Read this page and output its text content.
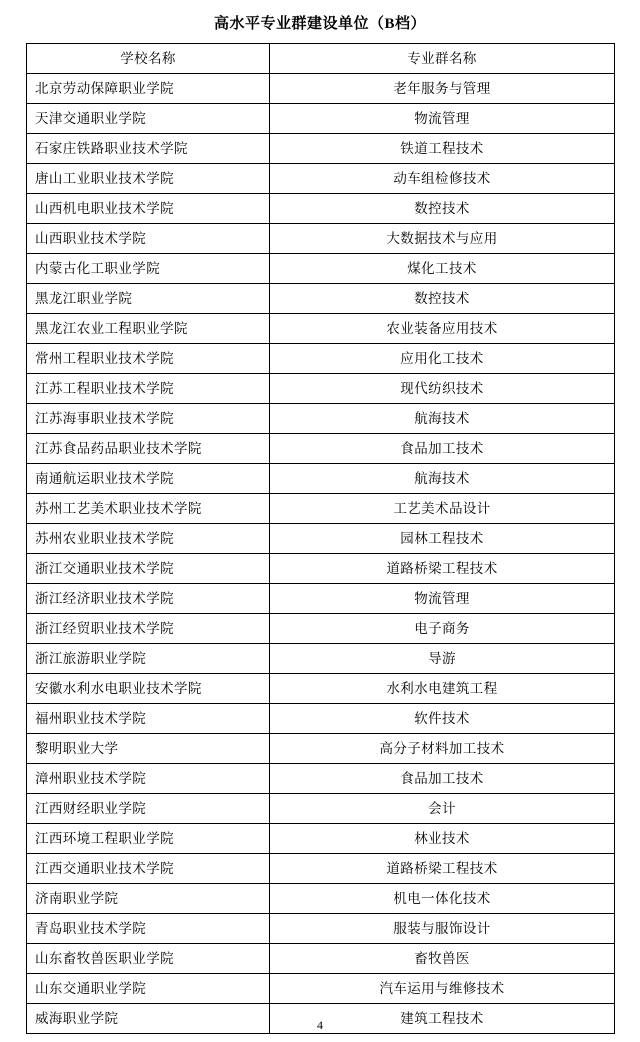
高水平专业群建设单位（B档）
学校名称	专业群名称
北京劳动保障职业学院	老年服务与管理
天津交通职业学院	物流管理
石家庄铁路职业技术学院	铁道工程技术
唐山工业职业技术学院	动车组检修技术
山西机电职业技术学院	数控技术
山西职业技术学院	大数据技术与应用
内蒙古化工职业学院	煤化工技术
黑龙江职业学院	数控技术
黑龙江农业工程职业学院	农业装备应用技术
常州工程职业技术学院	应用化工技术
江苏工程职业技术学院	现代纺织技术
江苏海事职业技术学院	航海技术
江苏食品药品职业技术学院	食品加工技术
南通航运职业技术学院	航海技术
苏州工艺美术职业技术学院	工艺美术品设计
苏州农业职业技术学院	园林工程技术
浙江交通职业技术学院	道路桥梁工程技术
浙江经济职业技术学院	物流管理
浙江经贸职业技术学院	电子商务
浙江旅游职业学院	导游
安徽水利水电职业技术学院	水利水电建筑工程
福州职业技术学院	软件技术
黎明职业大学	高分子材料加工技术
漳州职业技术学院	食品加工技术
江西财经职业学院	会计
江西环境工程职业学院	林业技术
江西交通职业技术学院	道路桥梁工程技术
济南职业学院	机电一体化技术
青岛职业技术学院	服装与服饰设计
山东畜牧兽医职业学院	畜牧兽医
山东交通职业学院	汽车运用与维修技术
威海职业学院	建筑工程技术
4
